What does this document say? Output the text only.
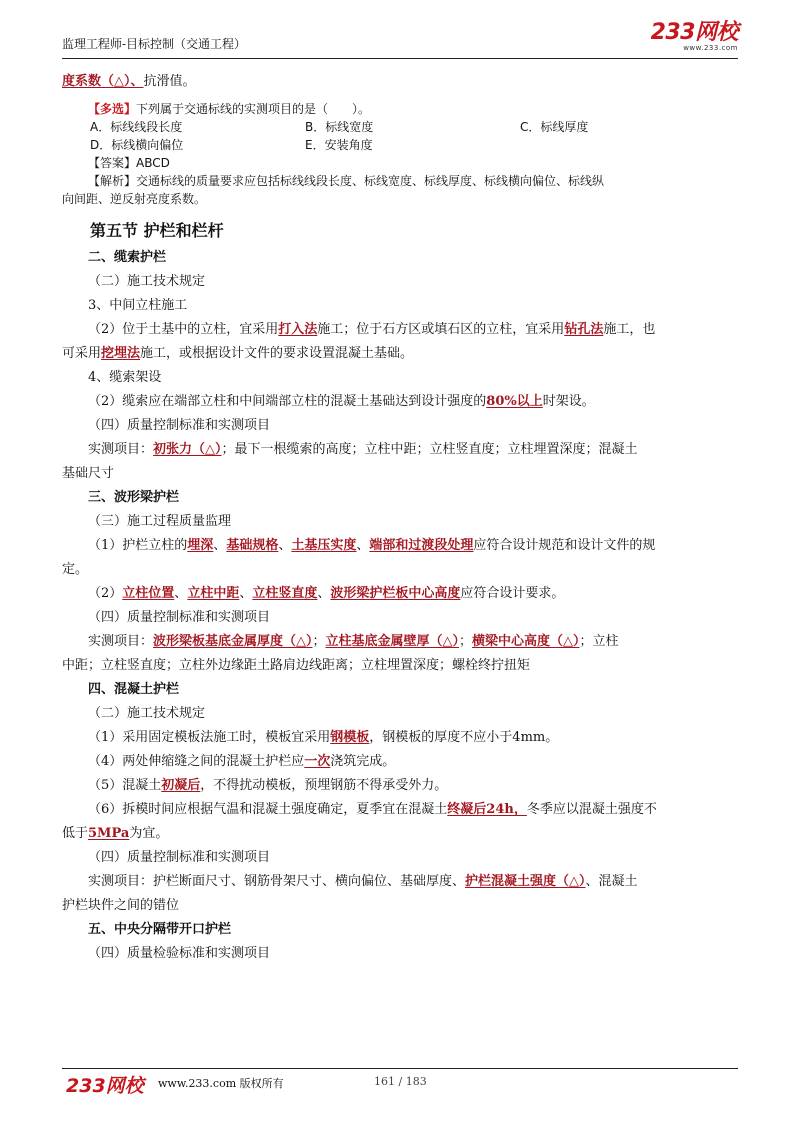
监理工程师-目标控制（交通工程）	233网校
www.233.com
度系数（△）、抗滑值。
【多选】下列属于交通标线的实测项目的是（　　）。
A．标线线段长度	B．标线宽度	C．标线厚度
D．标线横向偏位	E．安装角度
【答案】ABCD
【解析】交通标线的质量要求应包括标线线段长度、标线宽度、标线厚度、标线横向偏位、标线纵
向间距、逆反射亮度系数。
第五节 护栏和栏杆
二、缆索护栏
（二）施工技术规定
3、中间立柱施工
（2）位于土基中的立柱，宜采用打入法施工；位于石方区或填石区的立柱，宜采用钻孔法施工，也
可采用挖埋法施工，或根据设计文件的要求设置混凝土基础。
4、缆索架设
（2）缆索应在端部立柱和中间端部立柱的混凝土基础达到设计强度的80%以上时架设。
（四）质量控制标准和实测项目
实测项目：初张力（△）；最下一根缆索的高度；立柱中距；立柱竖直度；立柱埋置深度；混凝土
基础尺寸
三、波形梁护栏
（三）施工过程质量监理
（1）护栏立柱的埋深、基础规格、土基压实度、端部和过渡段处理应符合设计规范和设计文件的规
定。
（2）立柱位置、立柱中距、立柱竖直度、波形梁护栏板中心高度应符合设计要求。
（四）质量控制标准和实测项目
实测项目：波形梁板基底金属厚度（△）；立柱基底金属壁厚（△）；横梁中心高度（△）；立柱
中距；立柱竖直度；立柱外边缘距土路肩边线距离；立柱埋置深度；螺栓终拧扭矩
四、混凝土护栏
（二）施工技术规定
（1）采用固定模板法施工时，模板宜采用钢模板，钢模板的厚度不应小于4mm。
（4）两处伸缩缝之间的混凝土护栏应一次浇筑完成。
（5）混凝土初凝后，不得扰动模板，预埋钢筋不得承受外力。
（6）拆模时间应根据气温和混凝土强度确定，夏季宜在混凝土终凝后24h，冬季应以混凝土强度不
低于5MPa为宜。
（四）质量控制标准和实测项目
实测项目：护栏断面尺寸、钢筋骨架尺寸、横向偏位、基础厚度、护栏混凝土强度（△）、混凝土
护栏块件之间的错位
五、中央分隔带开口护栏
（四）质量检验标准和实测项目
233网校 www.233.com 版权所有	161 / 183
